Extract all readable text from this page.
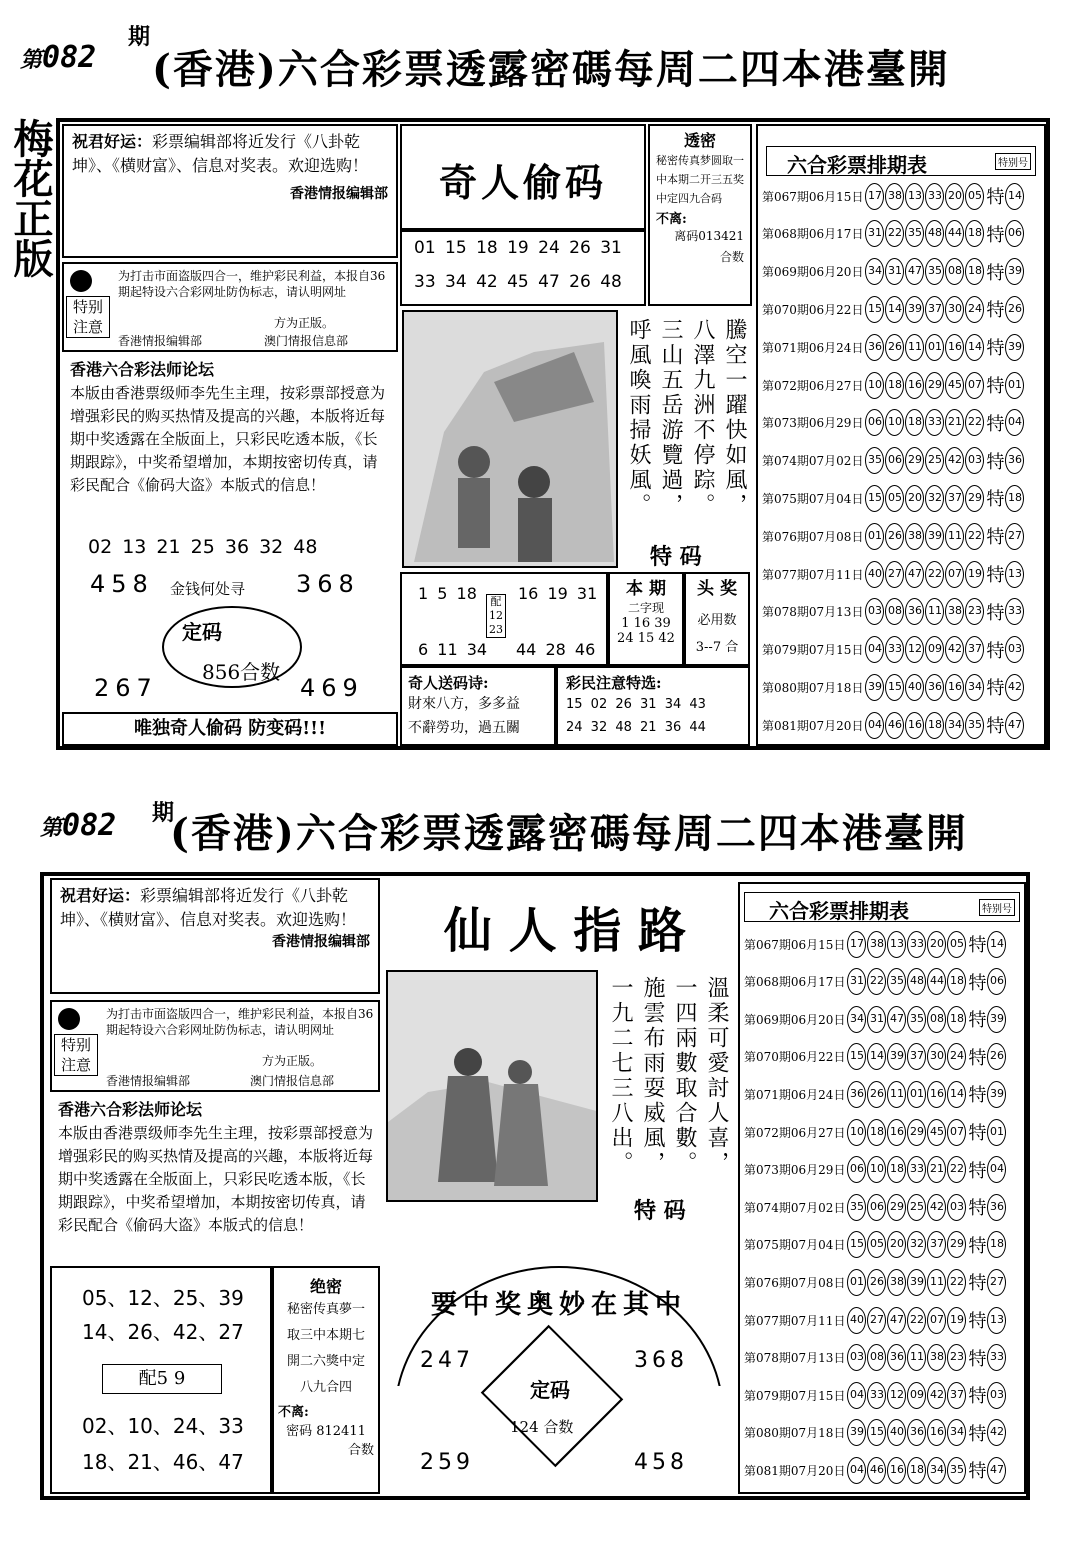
梅花正版
第082
期
(香港)六合彩票透露密碼每周二四本港臺開
祝君好运：彩票编辑部将近发行《八卦乾坤》、《横财富》、信息对奖表。欢迎选购！
香港情报编辑部
特别注意
为打击市面盗版四合一，维护彩民利益，本报自36期起特设六合彩网址防伪标志，请认明网址
方为正版。
香港情报编辑部	澳门情报信息部
香港六合彩法师论坛
本版由香港票级师李先生主理，按彩票部授意为增强彩民的购买热情及提高的兴趣，本版将近每期中奖透露在全版面上，只彩民吃透本版，《长期跟踪》，中奖希望增加，本期按密切传真，请彩民配合《偷码大盗》本版式的信息！
02 13 21 25 36 32 48
458	368
金钱何处寻
定码
856合数
267	469
唯独奇人偷码 防变码!!!
奇人偷码
01 15 18 19 24 26 31
33 34 42 45 47 26 48
透密
秘密传真梦圆取一中本期二开三五奖中定四九合码
不离:
离码013421
合数
騰空一躍快如風，
八澤九洲不停踪。
三山五岳游覽過，
呼風喚雨掃妖風。
特 码
1 5 18
6 11 34
配 12 23
16 19 31
44 28 46
本 期
二字现
1 16 39
24 15 42
头 奖
必用数
3--7 合
奇人送码诗:
財來八方，多多益
不辭勞功，過五關
彩民注意特选:
15 02 26 31 34 43
24 32 48 21 36 44
六合彩票排期表	特别号
第067期06月15日 17 38 13 33 20 05 特 14
第068期06月17日 31 22 35 48 44 18 特 06
第069期06月20日 34 31 47 35 08 18 特 39
第070期06月22日 15 14 39 37 30 24 特 26
第071期06月24日 36 26 11 01 16 14 特 39
第072期06月27日 10 18 16 29 45 07 特 01
第073期06月29日 06 10 18 33 21 22 特 04
第074期07月02日 35 06 29 25 42 03 特 36
第075期07月04日 15 05 20 32 37 29 特 18
第076期07月08日 01 26 38 39 11 22 特 27
第077期07月11日 40 27 47 22 07 19 特 13
第078期07月13日 03 08 36 11 38 23 特 33
第079期07月15日 04 33 12 09 42 37 特 03
第080期07月18日 39 15 40 36 16 34 特 42
第081期07月20日 04 46 16 18 34 35 特 47
第082 期
(香港)六合彩票透露密碼每周二四本港臺開
祝君好运：彩票编辑部将近发行《八卦乾坤》、《横财富》、信息对奖表。欢迎选购！
香港情报编辑部
特别注意
为打击市面盗版四合一，维护彩民利益，本报自36期起特设六合彩网址防伪标志，请认明网址
方为正版。
香港情报编辑部	澳门情报信息部
香港六合彩法师论坛
本版由香港票级师李先生主理，按彩票部授意为增强彩民的购买热情及提高的兴趣，本版将近每期中奖透露在全版面上，只彩民吃透本版，《长期跟踪》，中奖希望增加，本期按密切传真，请彩民配合《偷码大盗》本版式的信息！
05、12、25、39
14、26、42、27
配5 9
02、10、24、33
18、21、46、47
绝密
秘密传真夢一
取三中本期七
開二六獎中定
八九合四
不离:
密码 812411
合数
仙 人 指 路
溫柔可愛討人喜，
一四兩數取合數。
施雲布雨耍威風，
一九二七三八出。
特 码
要中奖奥妙在其中
247	368
定码
124 合数
259	458
六合彩票排期表	特别号
第067期06月15日 17 38 13 33 20 05 特 14
第068期06月17日 31 22 35 48 44 18 特 06
第069期06月20日 34 31 47 35 08 18 特 39
第070期06月22日 15 14 39 37 30 24 特 26
第071期06月24日 36 26 11 01 16 14 特 39
第072期06月27日 10 18 16 29 45 07 特 01
第073期06月29日 06 10 18 33 21 22 特 04
第074期07月02日 35 06 29 25 42 03 特 36
第075期07月04日 15 05 20 32 37 29 特 18
第076期07月08日 01 26 38 39 11 22 特 27
第077期07月11日 40 27 47 22 07 19 特 13
第078期07月13日 03 08 36 11 38 23 特 33
第079期07月15日 04 33 12 09 42 37 特 03
第080期07月18日 39 15 40 36 16 34 特 42
第081期07月20日 04 46 16 18 34 35 特 47
